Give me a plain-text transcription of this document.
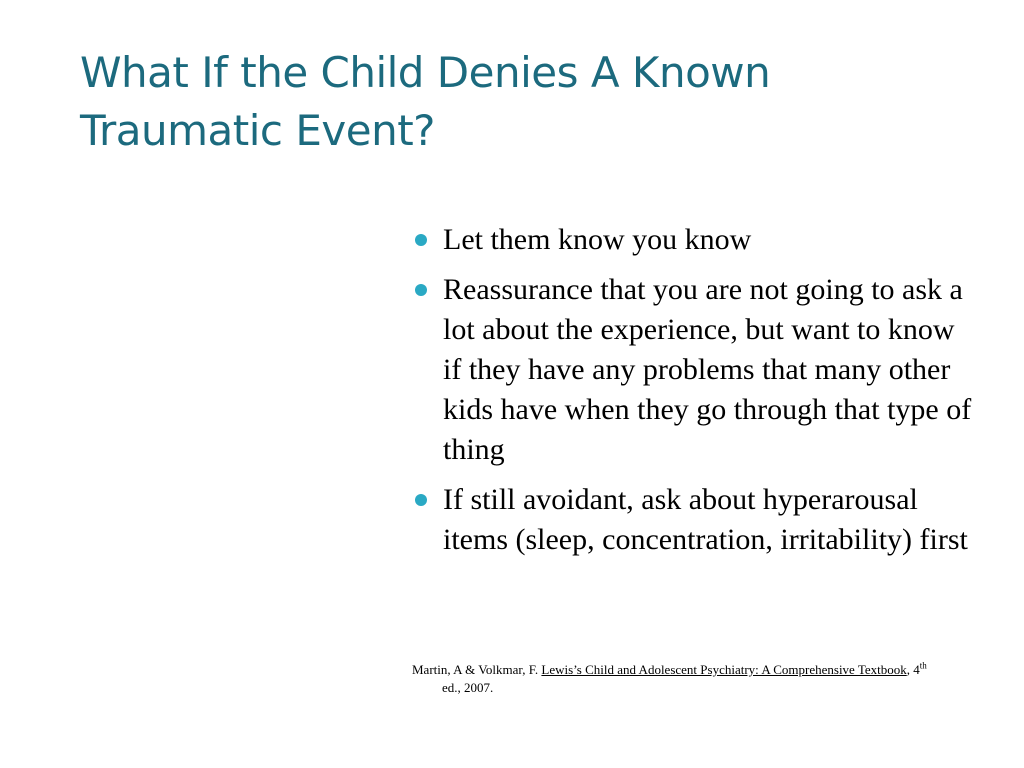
What If the Child Denies A Known
Traumatic Event?
Let them know you know
Reassurance that you are not going to ask a lot about the experience, but want to know if they have any problems that many other kids have when they go through that type of thing
If still avoidant, ask about hyperarousal items (sleep, concentration, irritability) first
Martin, A & Volkmar, F. Lewis’s Child and Adolescent Psychiatry: A Comprehensive Textbook, 4th ed., 2007.
